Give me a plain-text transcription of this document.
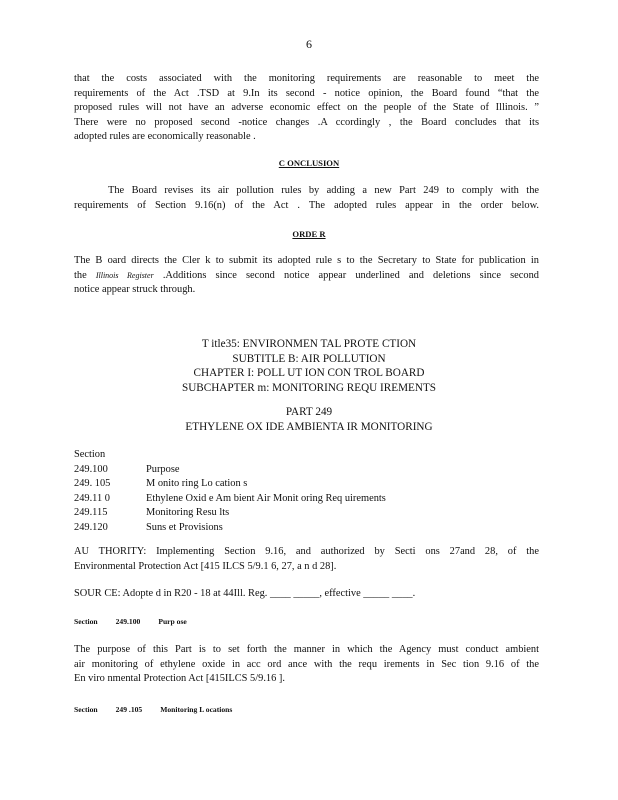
6
that the costs associated with the monitoring requirements are reasonable to meet the
requirements of the Act .TSD at 9.In its second - notice opinion, the Board found “that the
proposed rules will not have an adverse economic effect on the people of the State of Illinois. ”
There were no proposed second -notice changes .A ccordingly , the Board concludes that its
adopted rules are economically reasonable .
C ONCLUSION
The Board revises its air pollution rules by adding a new Part 249 to comply with the
requirements of Section 9.16(n) of the Act . The adopted rules appear in the order below.
ORDE R
The B oard directs the Cler k to submit its adopted rule s to the Secretary to State for publication in
the Illinois Register .Additions since second notice appear underlined and deletions since second
notice appear struck through.
T itle35: ENVIRONMEN TAL PROTE CTION
SUBTITLE B: AIR POLLUTION
CHAPTER I: POLL UT ION CON TROL BOARD
SUBCHAPTER m: MONITORING REQU IREMENTS
PART 249
ETHYLENE OX IDE AMBIENTA IR MONITORING
Section
249.100	Purpose
249. 105	M onito ring Lo cation s
249.11 0	Ethylene Oxid e Am bient Air Monit oring Req uirements
249.115	Monitoring Resu lts
249.120	Suns et Provisions
AU THORITY: Implementing Section 9.16, and authorized by Secti ons 27and 28, of the
Environmental Protection Act [415 ILCS 5/9.1 6, 27, a n d 28].
SOUR CE: Adopte d in R20 - 18 at 44Ill. Reg. ____ _____, effective _____ ____.
Section 249.100 Purp ose
The purpose of this Part is to set forth the manner in which the Agency must conduct ambient
air monitoring of ethylene oxide in acc ord ance with the requ irements in Sec tion 9.16 of the
En viro nmental Protection Act [415ILCS 5/9.16 ].
Section 249 .105 Monitoring L ocations
